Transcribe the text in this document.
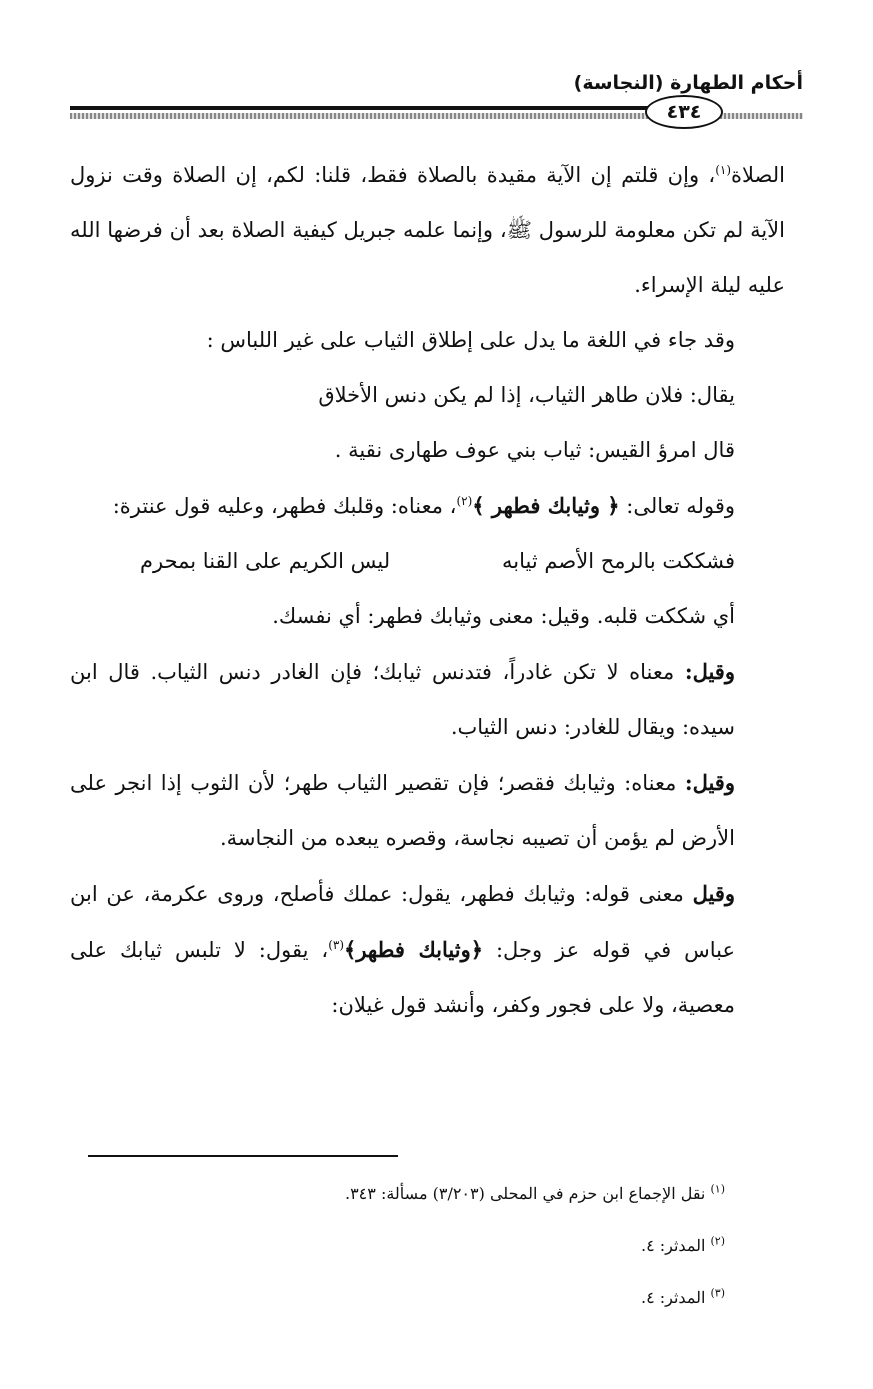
أحكام الطهارة (النجاسة)
٤٣٤

الصلاة$^{(١)}$، وإن قلتم إن الآية مقيدة بالصلاة فقط، قلنا: لكم، إن الصلاة وقت نزول الآية لم تكن معلومة للرسول ﷺ، وإنما علمه جبريل كيفية الصلاة بعد أن فرضها الله عليه ليلة الإسراء.

وقد جاء في اللغة ما يدل على إطلاق الثياب على غير اللباس :

يقال: فلان طاهر الثياب، إذا لم يكن دنس الأخلاق

قال امرؤ القيس: ثياب بني عوف طهارى نقية .

وقوله تعالى: ﴿ وثيابك فطهر ﴾$^{(٢)}$، معناه: وقلبك فطهر، وعليه قول عنترة:

فشككت بالرمح الأصم ثيابه
ليس الكريم على القنا بمحرم

أي شككت قلبه. وقيل: معنى وثيابك فطهر: أي نفسك.

وقيل: معناه لا تكن غادراً، فتدنس ثيابك؛ فإن الغادر دنس الثياب. قال ابن سيده: ويقال للغادر: دنس الثياب.

وقيل: معناه: وثيابك فقصر؛ فإن تقصير الثياب طهر؛ لأن الثوب إذا انجر على الأرض لم يؤمن أن تصيبه نجاسة، وقصره يبعده من النجاسة.

وقيل معنى قوله: وثيابك فطهر، يقول: عملك فأصلح، وروى عكرمة، عن ابن عباس في قوله عز وجل: ﴿وثيابك فطهر﴾$^{(٣)}$، يقول: لا تلبس ثيابك على معصية، ولا على فجور وكفر، وأنشد قول غيلان:

$^{(١)}$ نقل الإجماع ابن حزم في المحلى (٣/٢٠٣) مسألة: ٣٤٣.
$^{(٢)}$ المدثر: ٤.
$^{(٣)}$ المدثر: ٤.
